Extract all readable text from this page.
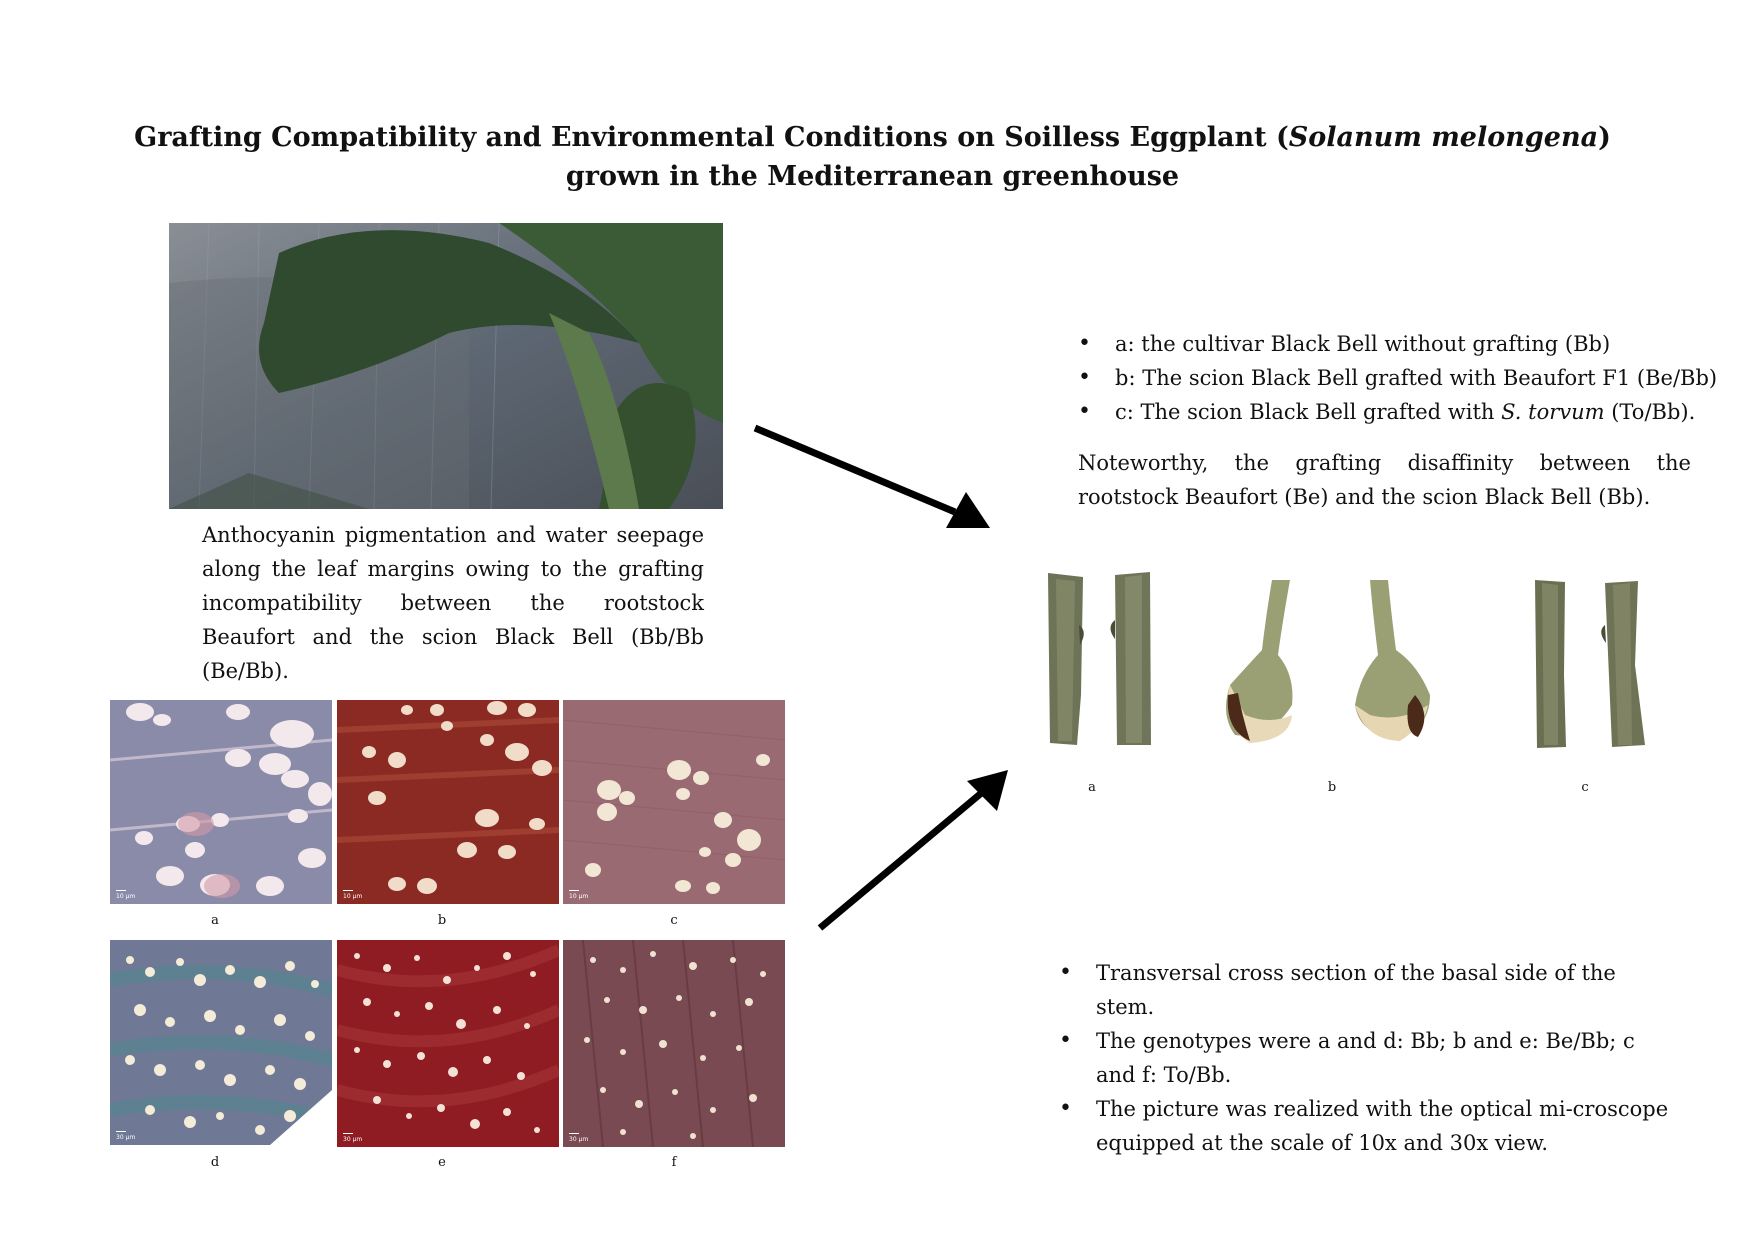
Grafting Compatibility and Environmental Conditions on Soilless Eggplant (Solanum melongena) grown in the Mediterranean greenhouse
Anthocyanin pigmentation and water seepage along the leaf margins owing to the grafting incompatibility between the rootstock Beaufort and the scion Black Bell (Bb/Bb (Be/Bb).
• a: the cultivar Black Bell without grafting (Bb)
• b: The scion Black Bell grafted with Beaufort F1 (Be/Bb)
• c: The scion Black Bell grafted with S. torvum (To/Bb).
Noteworthy, the grafting disaffinity between the rootstock Beaufort (Be) and the scion Black Bell (Bb).
a	b	c
10 µm	10 µm	10 µm
a	b	c
30 µm	30 µm	30 µm
d	e	f
• Transversal cross section of the basal side of the stem.
• The genotypes were a and d: Bb; b and e: Be/Bb; c and f: To/Bb.
• The picture was realized with the optical mi-croscope equipped at the scale of 10x and 30x view.
